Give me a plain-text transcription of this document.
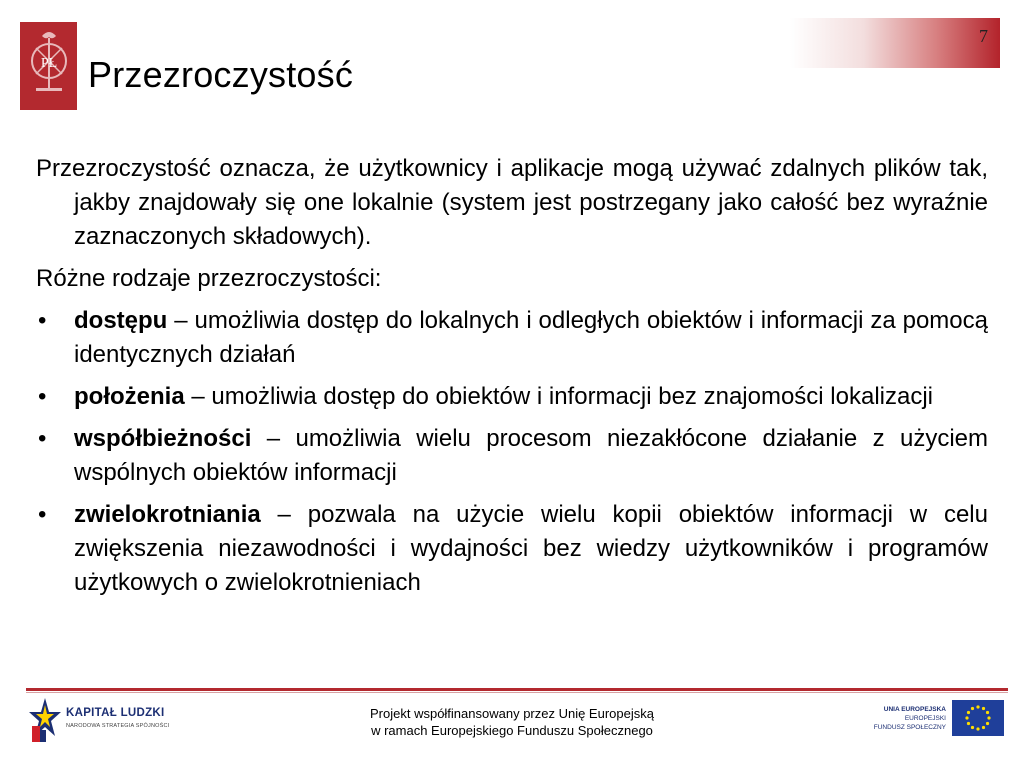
PŁ
7
Przezroczystość

Przezroczystość oznacza, że użytkownicy i aplikacje mogą używać zdalnych plików tak, jakby znajdowały się one lokalnie (system jest postrzegany jako całość bez wyraźnie zaznaczonych składowych).

Różne rodzaje przezroczystości:

• dostępu – umożliwia dostęp do lokalnych i odległych obiektów i informacji za pomocą identycznych działań
• położenia – umożliwia dostęp do obiektów i informacji bez znajomości lokalizacji
• współbieżności – umożliwia wielu procesom niezakłócone działanie z użyciem wspólnych obiektów informacji
• zwielokrotniania – pozwala na użycie wielu kopii obiektów informacji w celu zwiększenia niezawodności i wydajności bez wiedzy użytkowników i programów użytkowych o zwielokrotnieniach
KAPITAŁ LUDZKI
NARODOWA STRATEGIA SPÓJNOŚCI
Projekt współfinansowany przez Unię Europejską
w ramach Europejskiego Funduszu Społecznego
UNIA EUROPEJSKA
EUROPEJSKI
FUNDUSZ SPOŁECZNY
